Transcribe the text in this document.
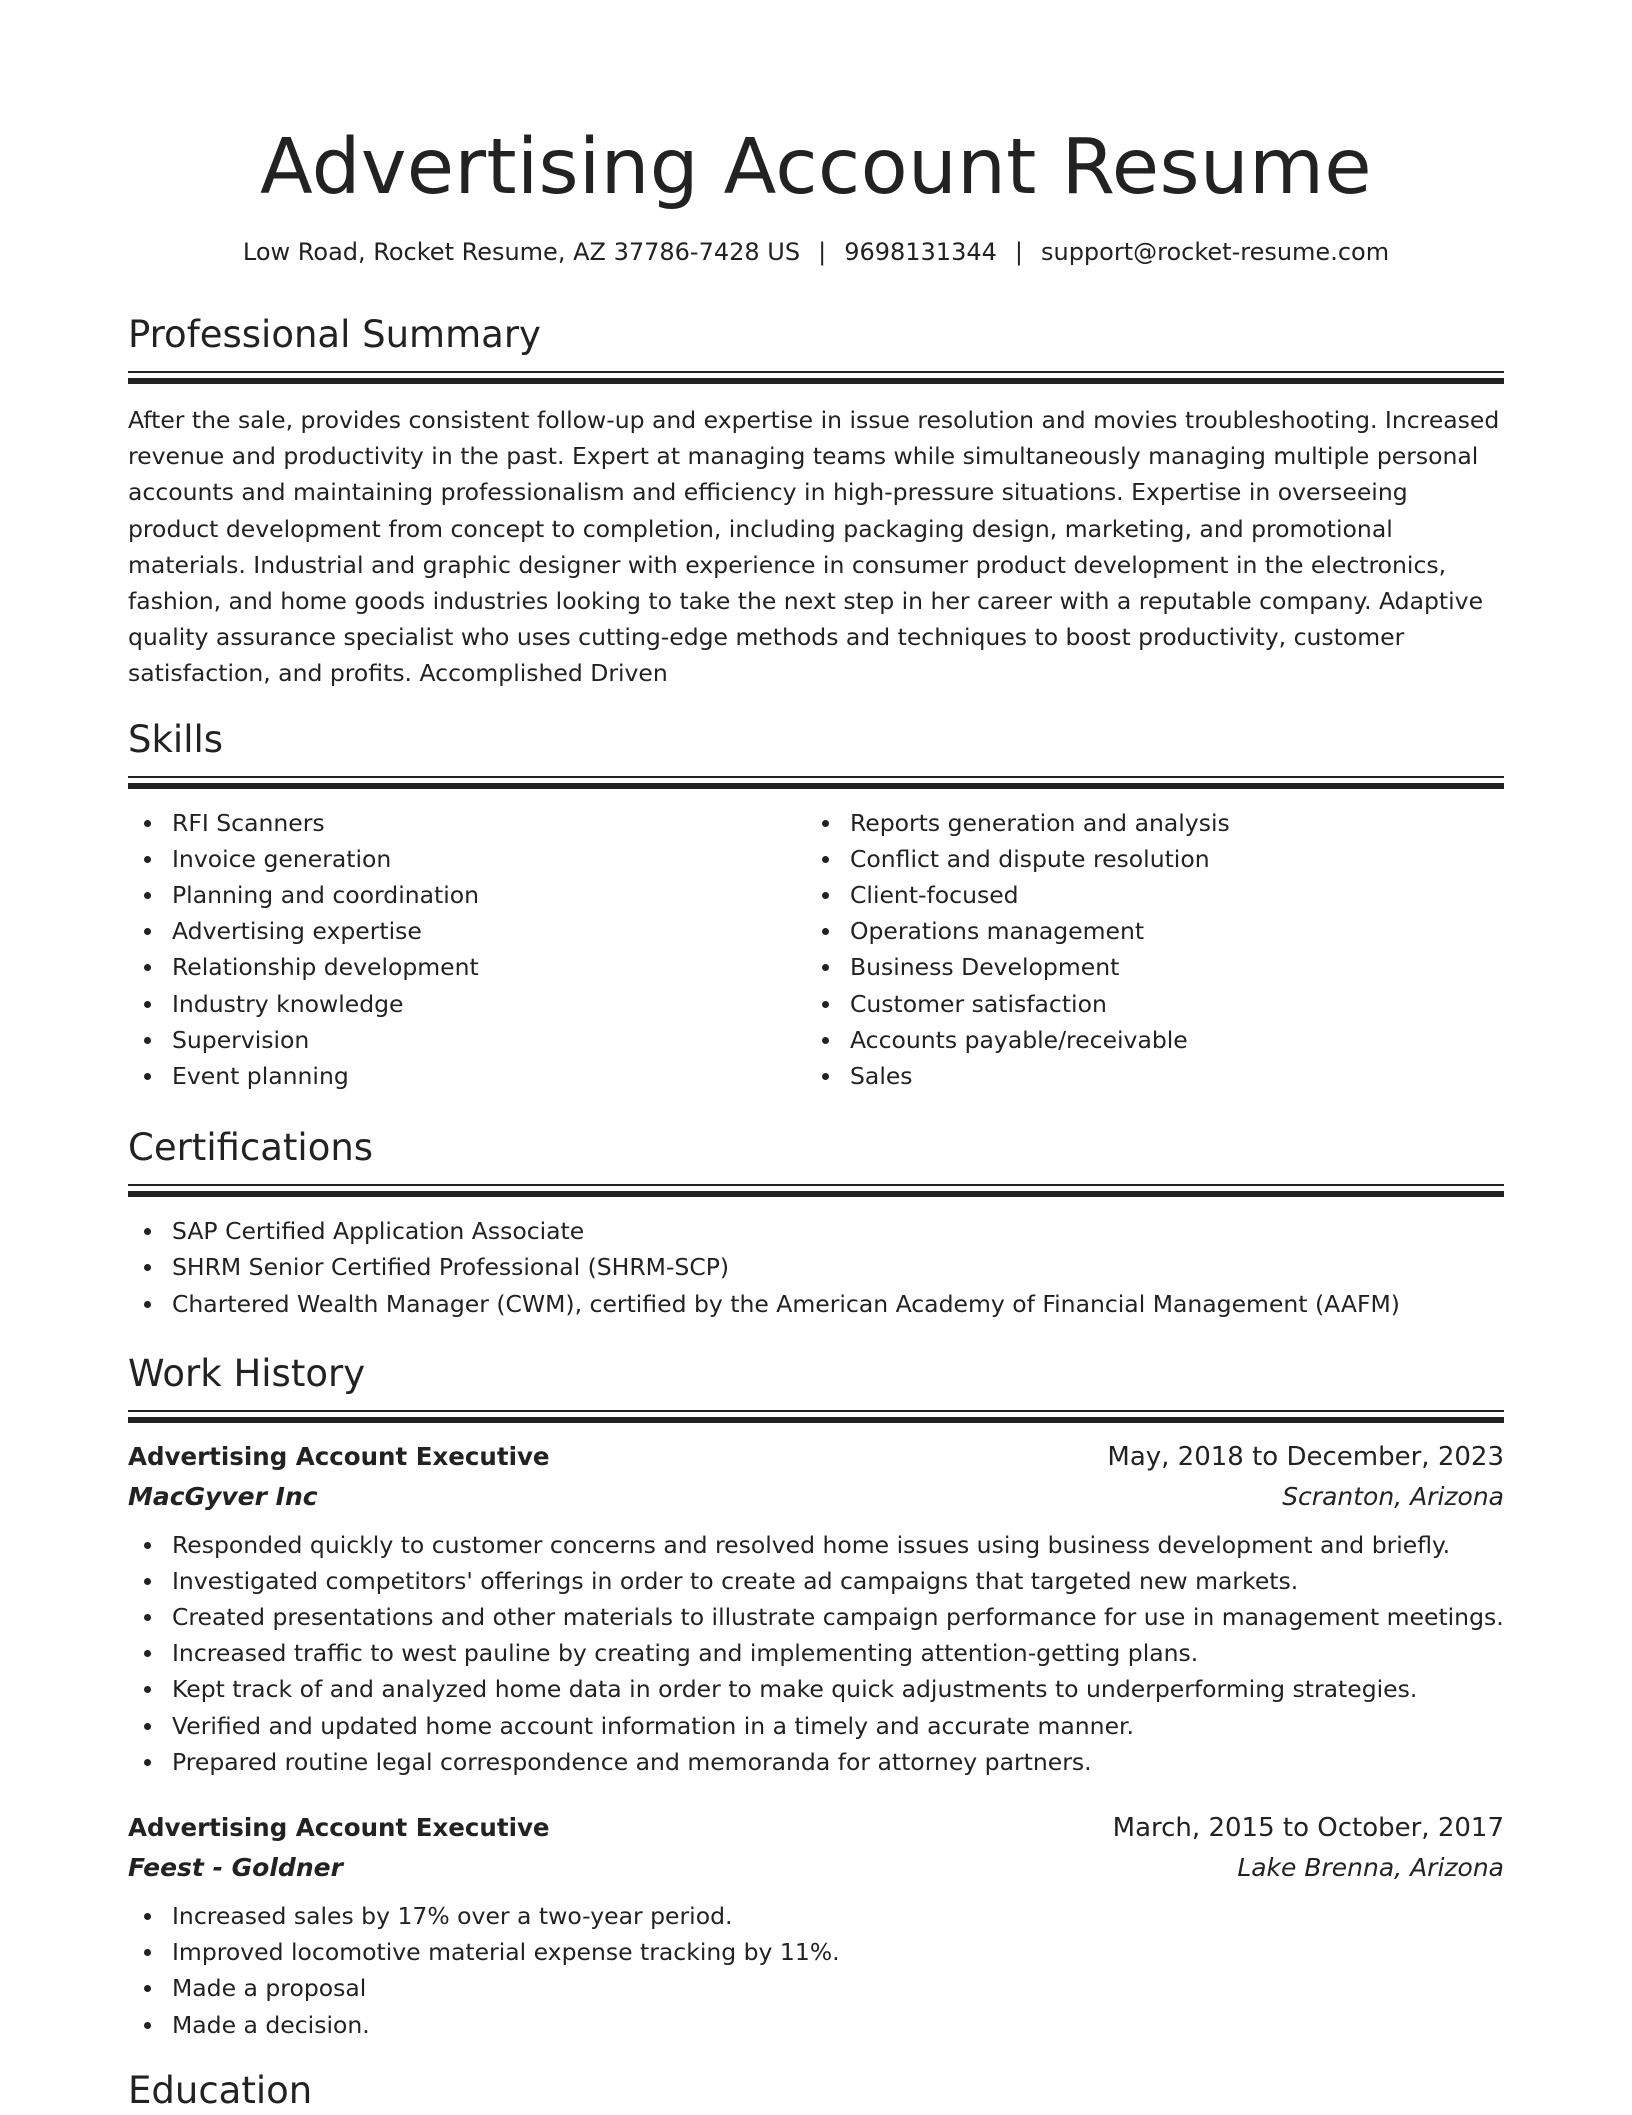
Advertising Account Resume
Low Road, Rocket Resume, AZ 37786-7428 US | 9698131344 | support@rocket-resume.com
Professional Summary

After the sale, provides consistent follow-up and expertise in issue resolution and movies troubleshooting. Increased revenue and productivity in the past. Expert at managing teams while simultaneously managing multiple personal accounts and maintaining professionalism and efficiency in high-pressure situations. Expertise in overseeing product development from concept to completion, including packaging design, marketing, and promotional materials. Industrial and graphic designer with experience in consumer product development in the electronics, fashion, and home goods industries looking to take the next step in her career with a reputable company. Adaptive quality assurance specialist who uses cutting-edge methods and techniques to boost productivity, customer satisfaction, and profits. Accomplished Driven

Skills
RFI Scanners
Invoice generation
Planning and coordination
Advertising expertise
Relationship development
Industry knowledge
Supervision
Event planning
Reports generation and analysis
Conflict and dispute resolution
Client-focused
Operations management
Business Development
Customer satisfaction
Accounts payable/receivable
Sales
Certifications
SAP Certified Application Associate
SHRM Senior Certified Professional (SHRM-SCP)
Chartered Wealth Manager (CWM), certified by the American Academy of Financial Management (AAFM)
Work History
Advertising Account Executive	May, 2018 to December, 2023
MacGyver Inc	Scranton, Arizona
Responded quickly to customer concerns and resolved home issues using business development and briefly.
Investigated competitors' offerings in order to create ad campaigns that targeted new markets.
Created presentations and other materials to illustrate campaign performance for use in management meetings.
Increased traffic to west pauline by creating and implementing attention-getting plans.
Kept track of and analyzed home data in order to make quick adjustments to underperforming strategies.
Verified and updated home account information in a timely and accurate manner.
Prepared routine legal correspondence and memoranda for attorney partners.
Advertising Account Executive	March, 2015 to October, 2017
Feest - Goldner	Lake Brenna, Arizona
Increased sales by 17% over a two-year period.
Improved locomotive material expense tracking by 11%.
Made a proposal
Made a decision.
Education
